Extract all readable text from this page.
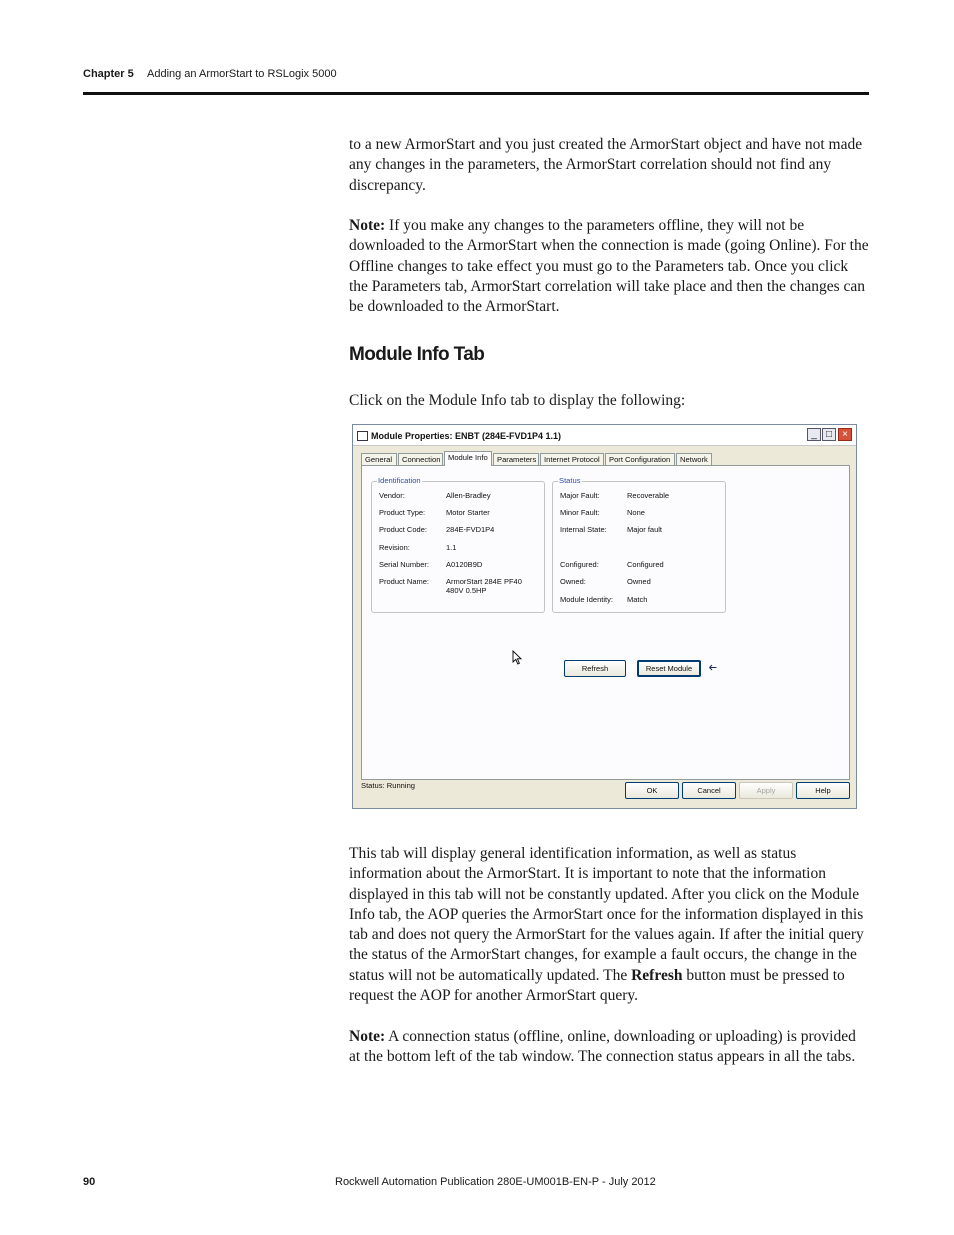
Chapter 5 Adding an ArmorStart to RSLogix 5000

to a new ArmorStart and you just created the ArmorStart object and have not made any changes in the parameters, the ArmorStart correlation should not find any discrepancy.

Note: If you make any changes to the parameters offline, they will not be downloaded to the ArmorStart when the connection is made (going Online). For the Offline changes to take effect you must go to the Parameters tab. Once you click the Parameters tab, ArmorStart correlation will take place and then the changes can be downloaded to the ArmorStart.

Module Info Tab

Click on the Module Info tab to display the following:

Module Properties: ENBT (284E-FVD1P4 1.1)	_ □	×
General	Connection Module Info	Parameters	Internet Protocol	Port Configuration	Network
Identification
Vendor:	Allen-Bradley
Product Type:	Motor Starter
Product Code:	284E-FVD1P4
Revision:	1.1
Serial Number: A0120B9D
Product Name: ArmorStart 284E PF40
480V 0.5HP
Status
Major Fault:	Recoverable
Minor Fault:	None
Internal State:	Major fault
Configured:	Configured
Owned:	Owned
Module Identity: Match
Refresh	Reset Module
Status: Running
OK	Cancel	Apply	Help

This tab will display general identification information, as well as status information about the ArmorStart. It is important to note that the information displayed in this tab will not be constantly updated. After you click on the Module Info tab, the AOP queries the ArmorStart once for the information displayed in this tab and does not query the ArmorStart for the values again. If after the initial query the status of the ArmorStart changes, for example a fault occurs, the change in the status will not be automatically updated. The Refresh button must be pressed to request the AOP for another ArmorStart query.

Note: A connection status (offline, online, downloading or uploading) is provided at the bottom left of the tab window. The connection status appears in all the tabs.

90	Rockwell Automation Publication 280E-UM001B-EN-P - July 2012
